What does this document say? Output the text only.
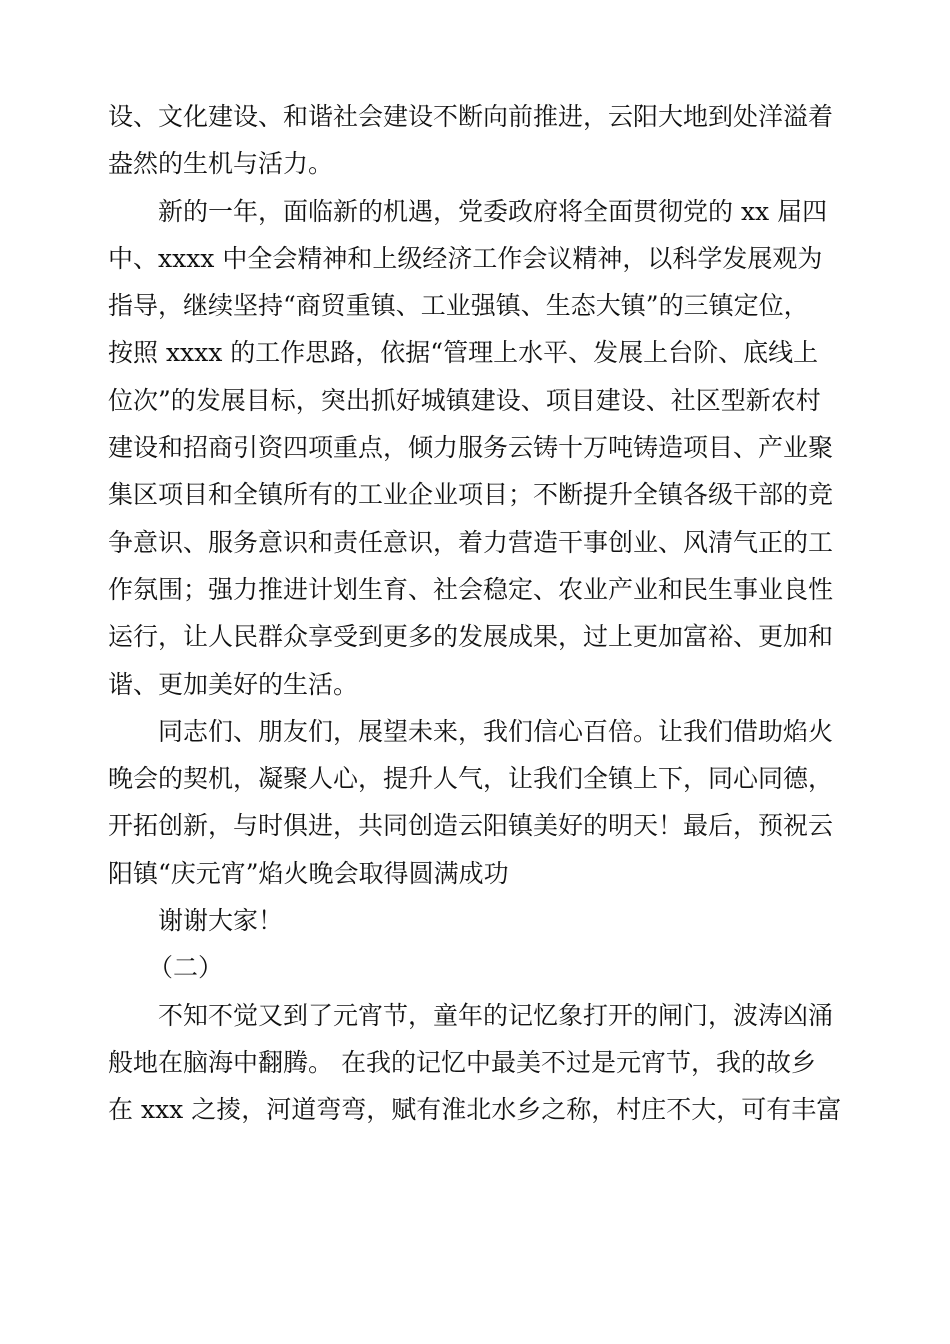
设、文化建设、和谐社会建设不断向前推进，云阳大地到处洋溢着
盎然的生机与活力。
新的一年，面临新的机遇，党委政府将全面贯彻党的 xx 届四
中、xxxx 中全会精神和上级经济工作会议精神，以科学发展观为
指导，继续坚持“商贸重镇、工业强镇、生态大镇”的三镇定位，
按照 xxxx 的工作思路，依据“管理上水平、发展上台阶、底线上
位次”的发展目标，突出抓好城镇建设、项目建设、社区型新农村
建设和招商引资四项重点，倾力服务云铸十万吨铸造项目、产业聚
集区项目和全镇所有的工业企业项目；不断提升全镇各级干部的竞
争意识、服务意识和责任意识，着力营造干事创业、风清气正的工
作氛围；强力推进计划生育、社会稳定、农业产业和民生事业良性
运行，让人民群众享受到更多的发展成果，过上更加富裕、更加和
谐、更加美好的生活。
同志们、朋友们，展望未来，我们信心百倍。让我们借助焰火
晚会的契机，凝聚人心，提升人气，让我们全镇上下，同心同德，
开拓创新，与时俱进，共同创造云阳镇美好的明天！最后，预祝云
阳镇“庆元宵”焰火晚会取得圆满成功
谢谢大家！
（二）
不知不觉又到了元宵节，童年的记忆象打开的闸门，波涛凶涌
般地在脑海中翻腾。 在我的记忆中最美不过是元宵节，我的故乡
在 xxx 之掕，河道弯弯，赋有淮北水乡之称，村庄不大，可有丰富
